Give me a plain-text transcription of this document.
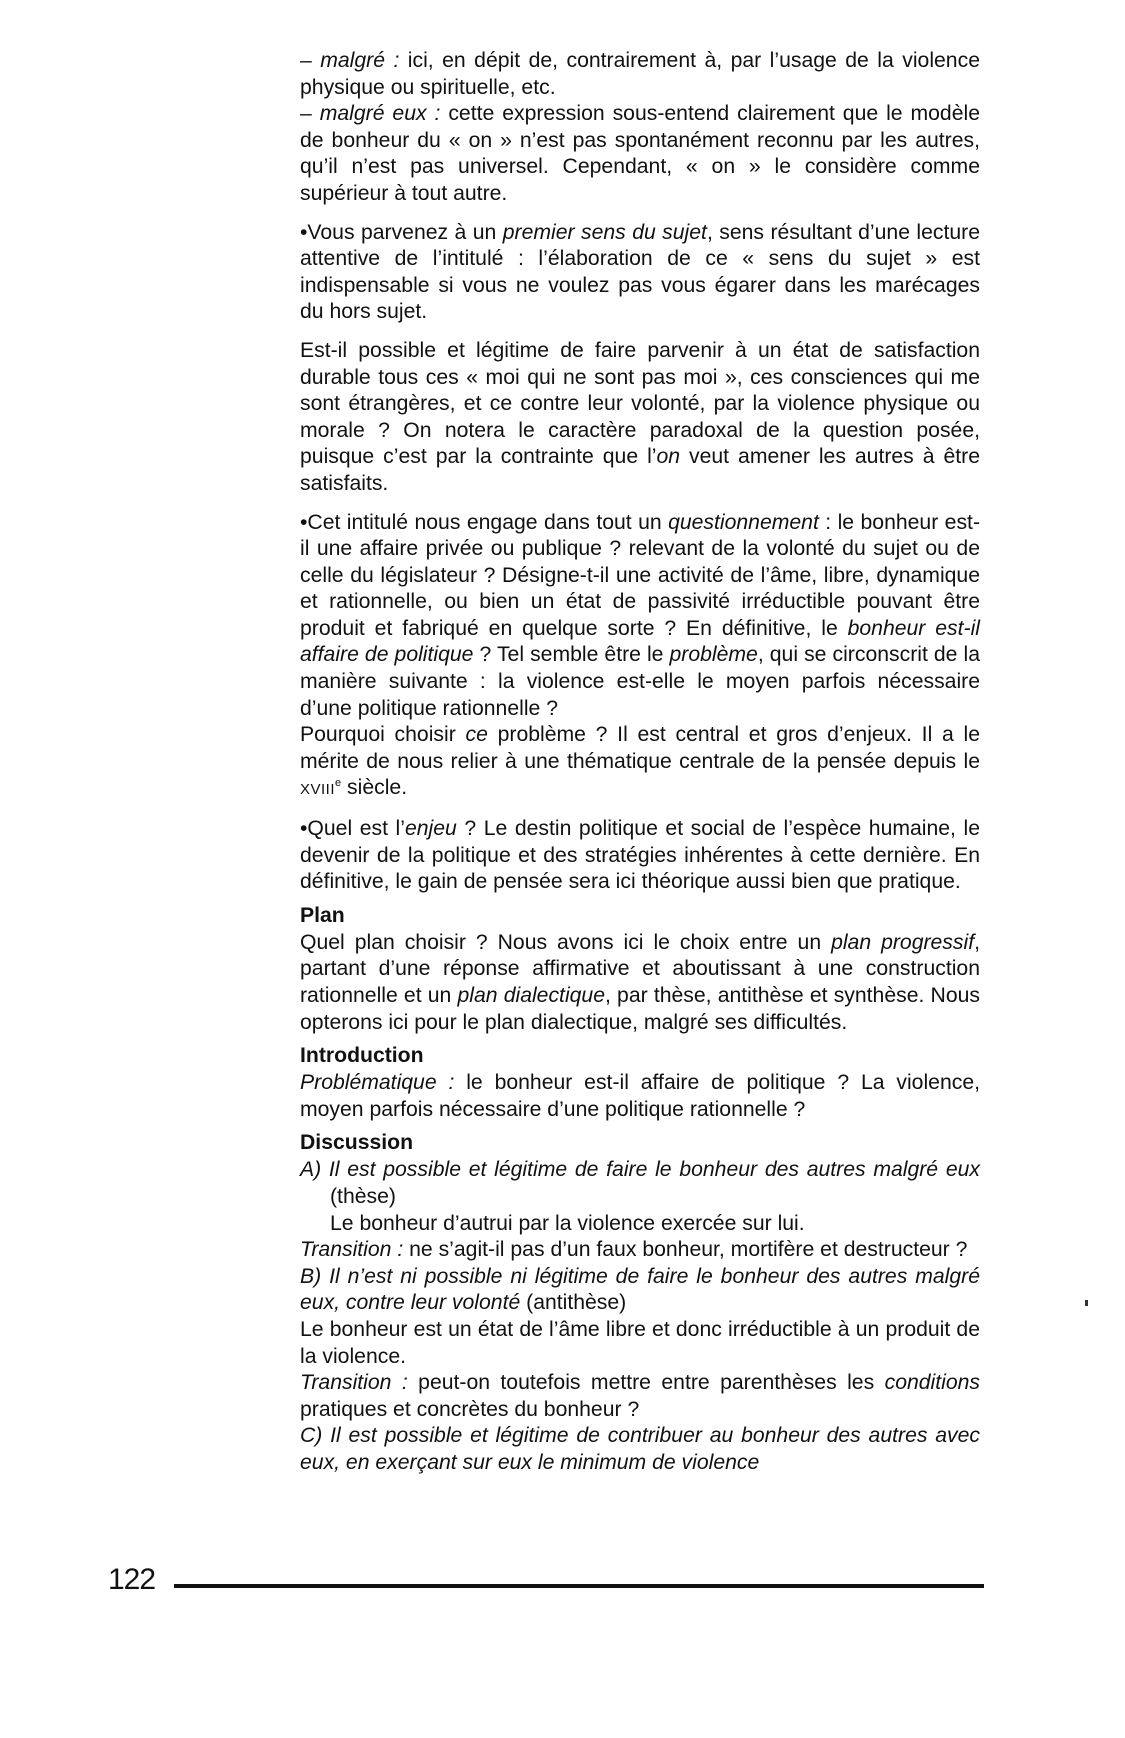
– malgré : ici, en dépit de, contrairement à, par l’usage de la violence physique ou spirituelle, etc.

– malgré eux : cette expression sous-entend clairement que le modèle de bonheur du « on » n’est pas spontanément reconnu par les autres, qu’il n’est pas universel. Cependant, « on » le considère comme supérieur à tout autre.

•Vous parvenez à un premier sens du sujet, sens résultant d’une lecture attentive de l’intitulé : l’élaboration de ce « sens du sujet » est indispensable si vous ne voulez pas vous égarer dans les marécages du hors sujet.

Est-il possible et légitime de faire parvenir à un état de satisfaction durable tous ces « moi qui ne sont pas moi », ces consciences qui me sont étrangères, et ce contre leur volonté, par la violence physique ou morale ? On notera le caractère paradoxal de la question posée, puisque c’est par la contrainte que l’on veut amener les autres à être satisfaits.

•Cet intitulé nous engage dans tout un questionnement : le bonheur est-il une affaire privée ou publique ? relevant de la volonté du sujet ou de celle du législateur ? Désigne-t-il une activité de l’âme, libre, dynamique et rationnelle, ou bien un état de passivité irréductible pouvant être produit et fabriqué en quelque sorte ? En définitive, le bonheur est-il affaire de politique ? Tel semble être le problème, qui se circonscrit de la manière suivante : la violence est-elle le moyen parfois nécessaire d’une politique rationnelle ?

Pourquoi choisir ce problème ? Il est central et gros d’enjeux. Il a le mérite de nous relier à une thématique centrale de la pensée depuis le XVIIIe siècle.

•Quel est l’enjeu ? Le destin politique et social de l’espèce humaine, le devenir de la politique et des stratégies inhérentes à cette dernière. En définitive, le gain de pensée sera ici théorique aussi bien que pratique.

Plan

Quel plan choisir ? Nous avons ici le choix entre un plan progressif, partant d’une réponse affirmative et aboutissant à une construction rationnelle et un plan dialectique, par thèse, antithèse et synthèse. Nous opterons ici pour le plan dialectique, malgré ses difficultés.

Introduction

Problématique : le bonheur est-il affaire de politique ? La violence, moyen parfois nécessaire d’une politique rationnelle ?

Discussion

A) Il est possible et légitime de faire le bonheur des autres malgré eux (thèse)

Le bonheur d’autrui par la violence exercée sur lui.

Transition : ne s’agit-il pas d’un faux bonheur, mortifère et destructeur ?

B) Il n’est ni possible ni légitime de faire le bonheur des autres malgré eux, contre leur volonté (antithèse)

Le bonheur est un état de l’âme libre et donc irréductible à un produit de la violence.

Transition : peut-on toutefois mettre entre parenthèses les conditions pratiques et concrètes du bonheur ?

C) Il est possible et légitime de contribuer au bonheur des autres avec eux, en exerçant sur eux le minimum de violence

122
